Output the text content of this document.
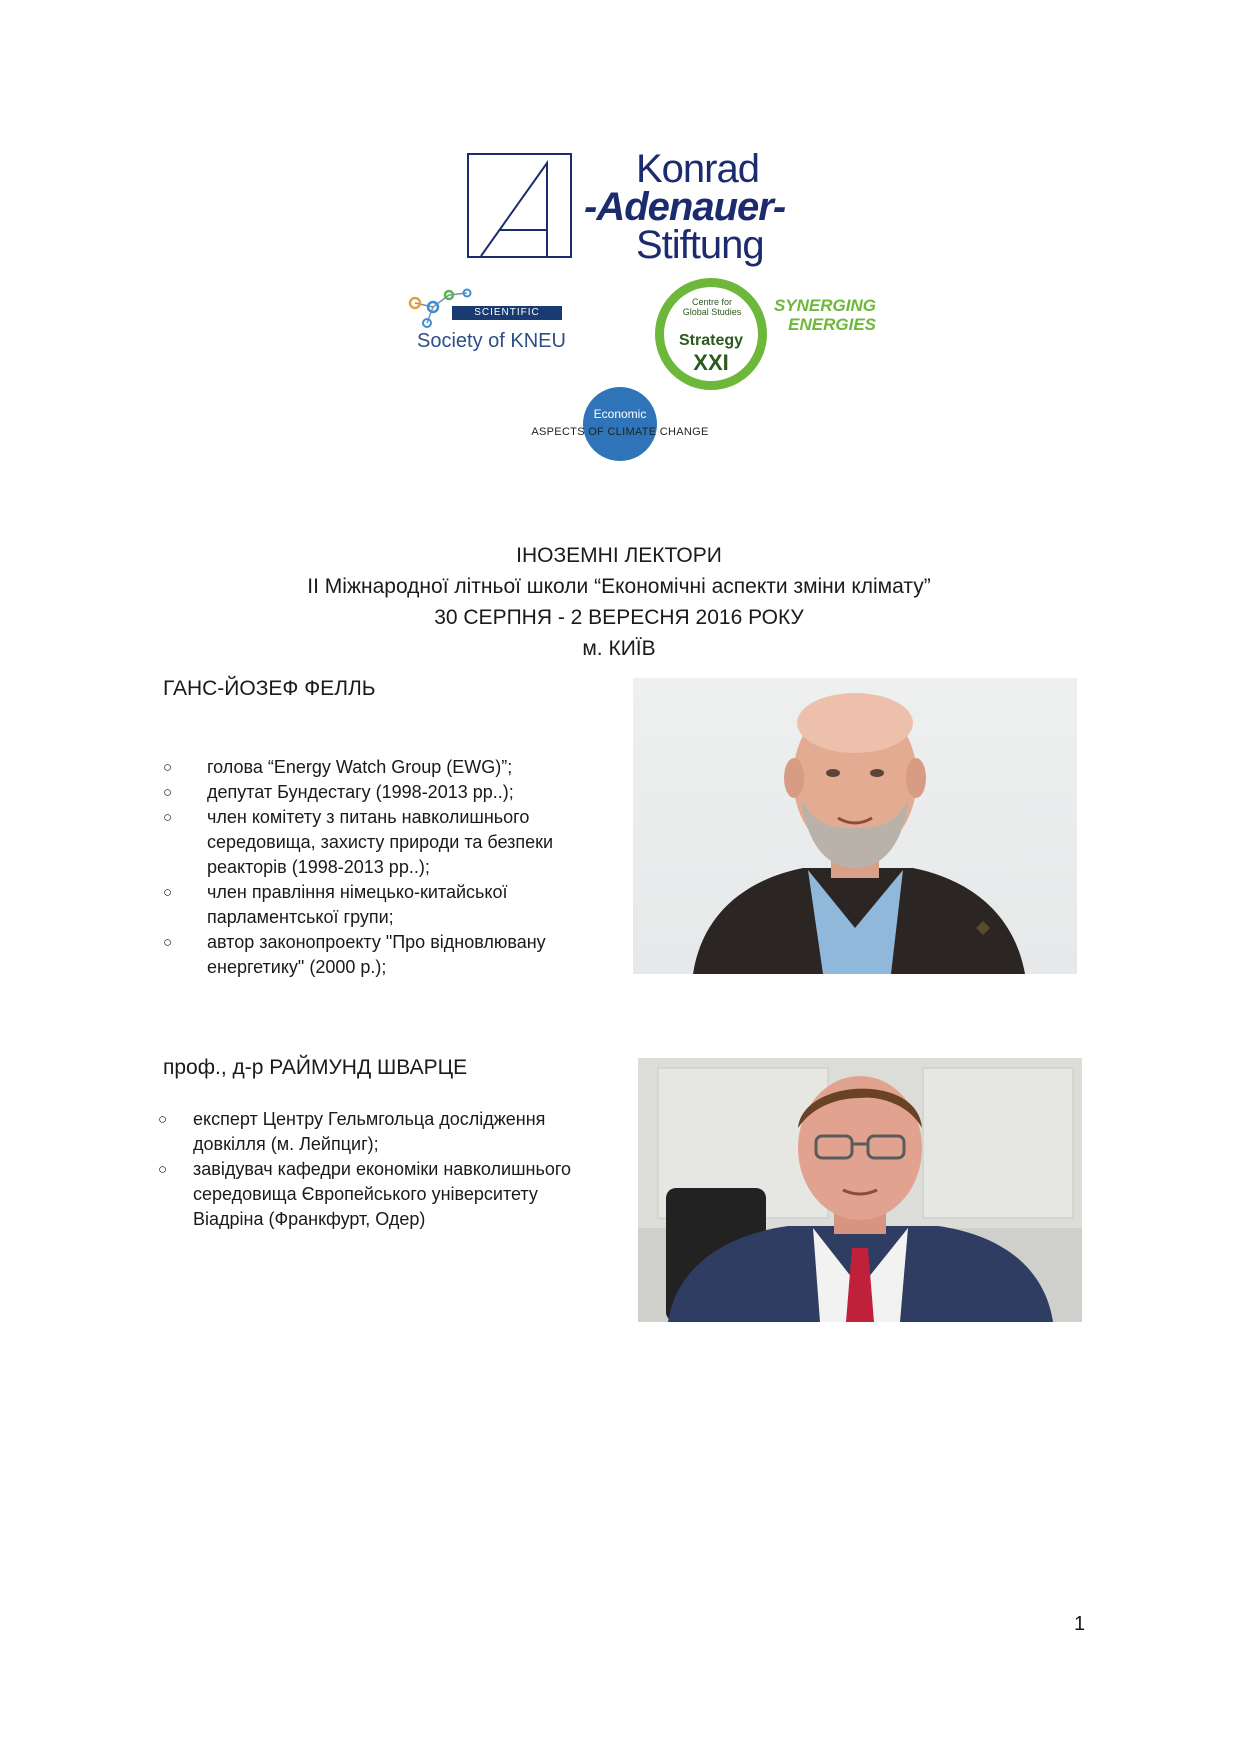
Konrad
-Adenauer-
Stiftung
SCIENTIFIC
Society of KNEU
Centre for Global Studies
Strategy
XXI
SYNERGING
ENERGIES
Economic
ASPECTS OF CLIMATE CHANGE
ІНОЗЕМНІ ЛЕКТОРИ
ІІ Міжнародної літньої школи “Економічні аспекти зміни клімату”
30 СЕРПНЯ - 2 ВЕРЕСНЯ 2016 РОКУ
м. КИЇВ
ГАНС-ЙОЗЕФ ФЕЛЛЬ
○ голова “Energy Watch Group (EWG)”;
○ депутат Бундестагу (1998-2013 рр..);
○ член комітету з питань навколишнього середовища, захисту природи та безпеки реакторів (1998-2013 рр..);
○ член правління німецько-китайської парламентської групи;
○ автор законопроекту "Про відновлювану енергетику" (2000 р.);
проф., д-р РАЙМУНД ШВАРЦЕ
○ експерт Центру Гельмгольца дослідження довкілля (м. Лейпциг);
○ завідувач кафедри економіки навколишнього середовища Європейського університету Віадріна (Франкфурт, Одер)
1
